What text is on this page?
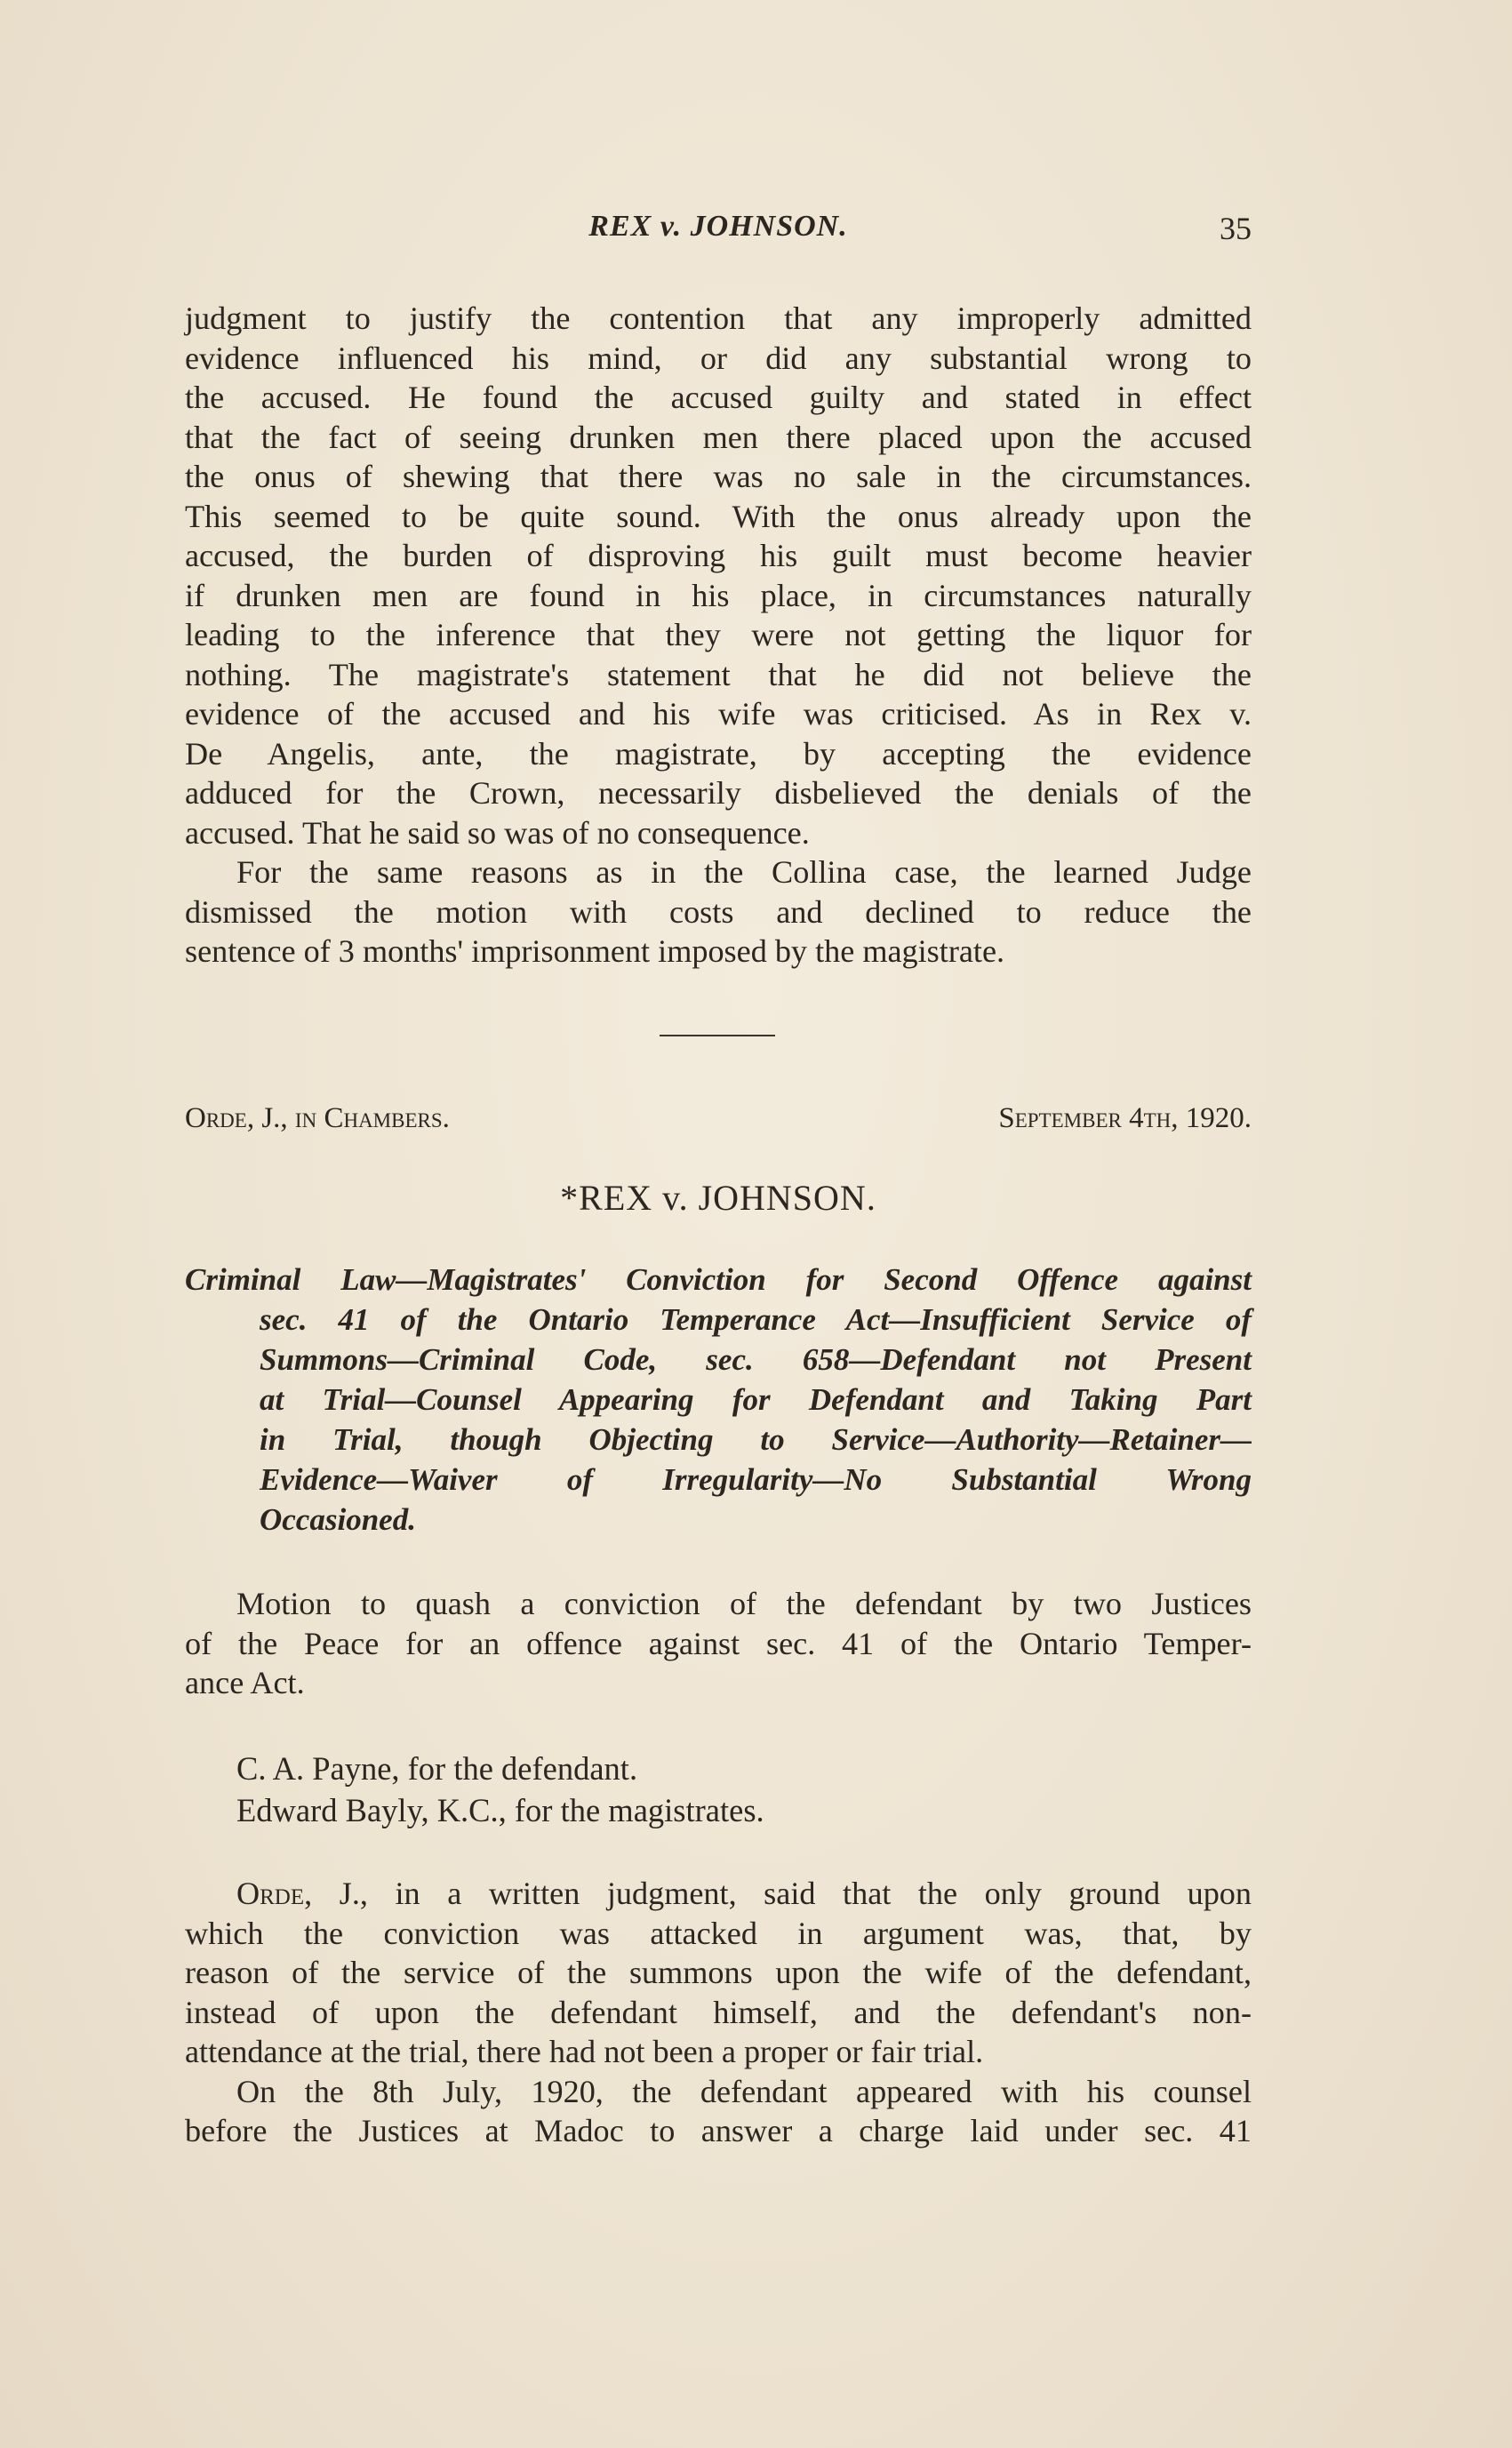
REX v. JOHNSON.	35

judgment to justify the contention that any improperly admitted

evidence influenced his mind, or did any substantial wrong to

the accused. He found the accused guilty and stated in effect

that the fact of seeing drunken men there placed upon the accused

the onus of shewing that there was no sale in the circumstances.

This seemed to be quite sound. With the onus already upon the

accused, the burden of disproving his guilt must become heavier

if drunken men are found in his place, in circumstances naturally

leading to the inference that they were not getting the liquor for

nothing. The magistrate's statement that he did not believe the

evidence of the accused and his wife was criticised. As in Rex v.

De Angelis, ante, the magistrate, by accepting the evidence

adduced for the Crown, necessarily disbelieved the denials of the

accused. That he said so was of no consequence.

For the same reasons as in the Collina case, the learned Judge

dismissed the motion with costs and declined to reduce the

sentence of 3 months' imprisonment imposed by the magistrate.

Orde, J., in Chambers.	September 4th, 1920.
*REX v. JOHNSON.

Criminal Law—Magistrates' Conviction for Second Offence against

sec. 41 of the Ontario Temperance Act—Insufficient Service of

Summons—Criminal Code, sec. 658—Defendant not Present

at Trial—Counsel Appearing for Defendant and Taking Part

in Trial, though Objecting to Service—Authority—Retainer—

Evidence—Waiver of Irregularity—No Substantial Wrong

Occasioned.

Motion to quash a conviction of the defendant by two Justices

of the Peace for an offence against sec. 41 of the Ontario Temper-

ance Act.

C. A. Payne, for the defendant.
Edward Bayly, K.C., for the magistrates.

Orde, J., in a written judgment, said that the only ground upon

which the conviction was attacked in argument was, that, by

reason of the service of the summons upon the wife of the defendant,

instead of upon the defendant himself, and the defendant's non-

attendance at the trial, there had not been a proper or fair trial.

On the 8th July, 1920, the defendant appeared with his counsel

before the Justices at Madoc to answer a charge laid under sec. 41
